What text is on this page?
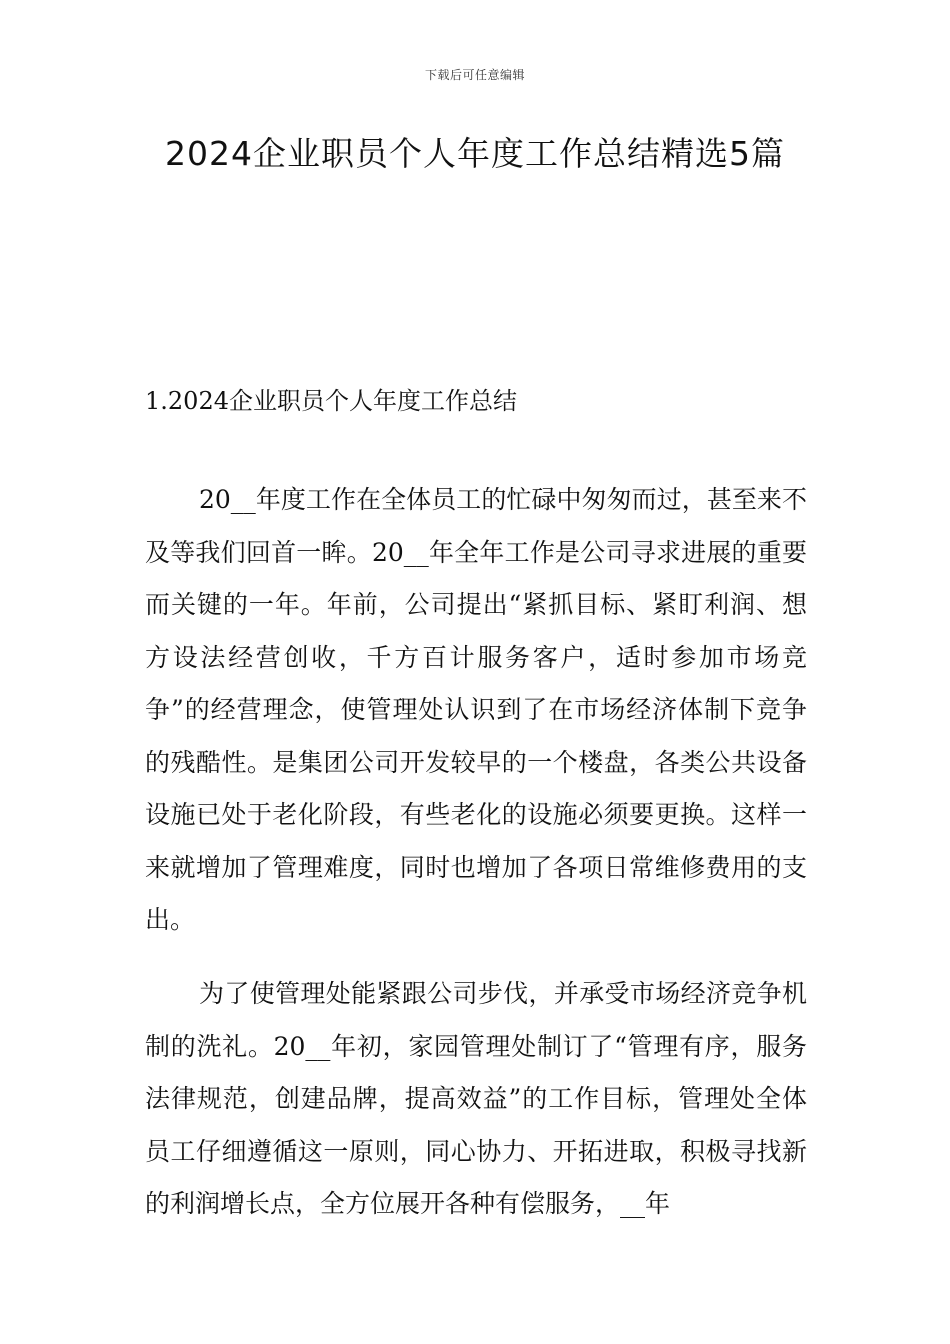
下载后可任意编辑
2024企业职员个人年度工作总结精选5篇
1.2024企业职员个人年度工作总结

20__年度工作在全体员工的忙碌中匆匆而过，甚至来不及等我们回首一眸。20__年全年工作是公司寻求进展的重要而关键的一年。年前，公司提出“紧抓目标、紧盯利润、想方设法经营创收，千方百计服务客户，适时参加市场竞争”的经营理念，使管理处认识到了在市场经济体制下竞争的残酷性。是集团公司开发较早的一个楼盘，各类公共设备设施已处于老化阶段，有些老化的设施必须要更换。这样一来就增加了管理难度，同时也增加了各项日常维修费用的支出。

为了使管理处能紧跟公司步伐，并承受市场经济竞争机制的洗礼。20__年初，家园管理处制订了“管理有序，服务法律规范，创建品牌，提高效益”的工作目标，管理处全体员工仔细遵循这一原则，同心协力、开拓进取，积极寻找新的利润增长点，全方位展开各种有偿服务，__年
